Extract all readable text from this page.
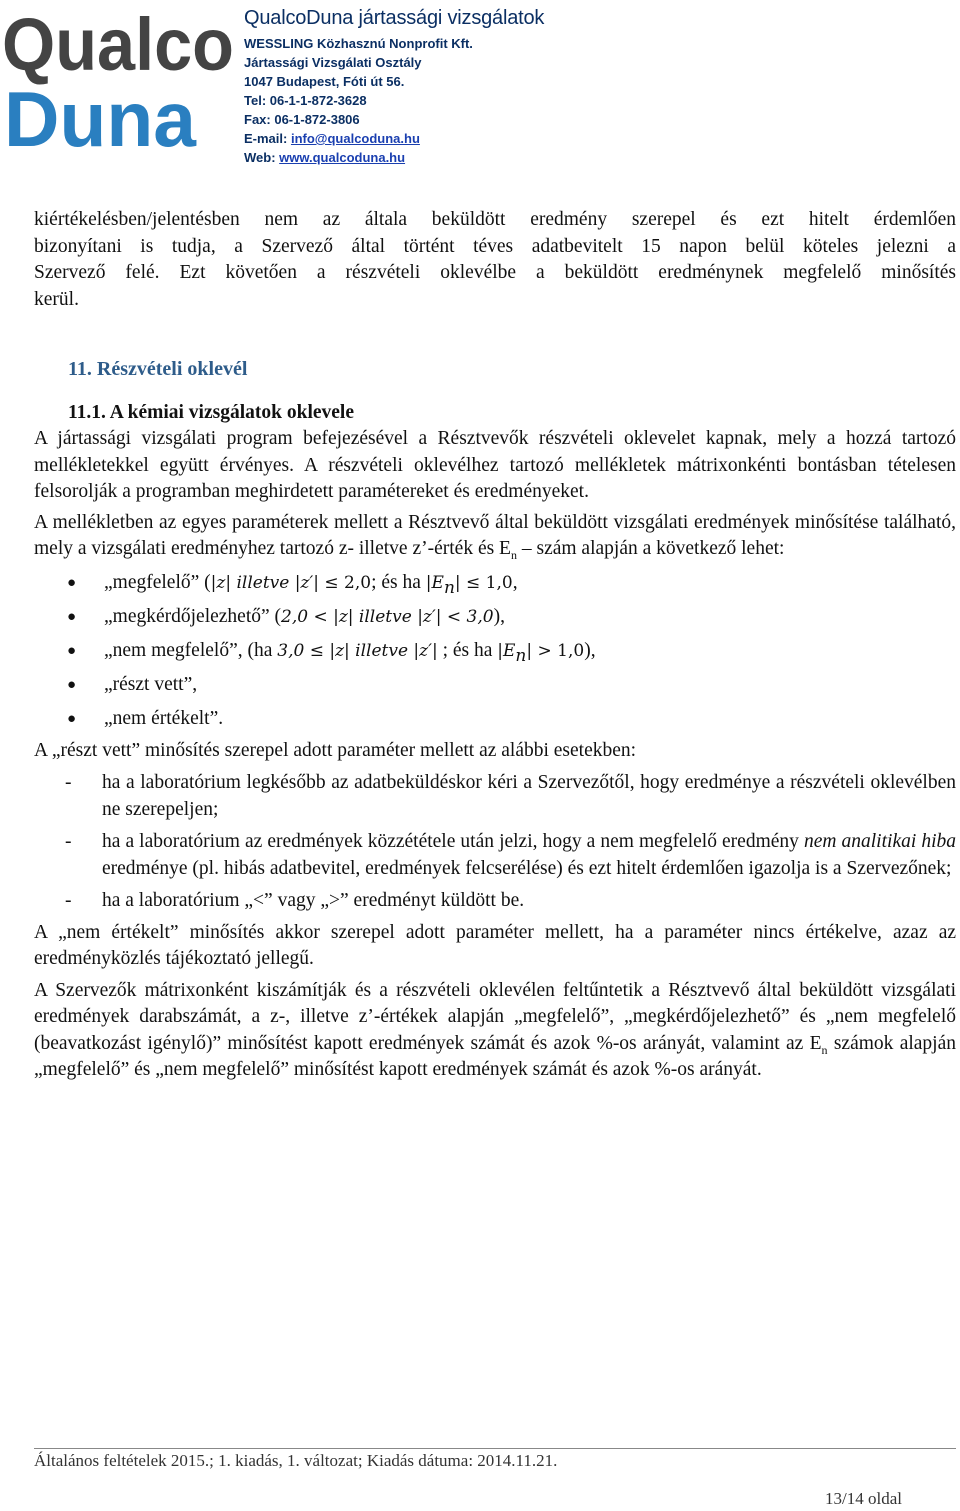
Qualco
Duna
QualcoDuna jártassági vizsgálatok
WESSLING Közhasznú Nonprofit Kft.
Jártassági Vizsgálati Osztály
1047 Budapest, Fóti út 56.
Tel: 06-1-1-872-3628
Fax: 06-1-872-3806
E-mail: info@qualcoduna.hu
Web: www.qualcoduna.hu

kiértékelésben/jelentésben nem az általa beküldött eredmény szerepel és ezt hitelt érdemlően

bizonyítani is tudja, a Szervező által történt téves adatbevitelt 15 napon belül köteles jelezni a

Szervező felé. Ezt követően a részvételi oklevélbe a beküldött eredménynek megfelelő minősítés

kerül.

11. Részvételi oklevél
11.1. A kémiai vizsgálatok oklevele

A jártassági vizsgálati program befejezésével a Résztvevők részvételi oklevelet kapnak, mely a hozzá tartozó mellékletekkel együtt érvényes. A részvételi oklevélhez tartozó mellékletek mátrixonkénti bontásban tételesen felsorolják a programban meghirdetett paramétereket és eredményeket.

A mellékletben az egyes paraméterek mellett a Résztvevő által beküldött vizsgálati eredmények minősítése található, mely a vizsgálati eredményhez tartozó z- illetve z’-érték és $E_n$ – szám alapján a következő lehet:

● „megfelelő” (|z| illetve |z′| ≤ 2,0; és ha $|E_n| \le 1,0$,
● „megkérdőjelezhető” (2,0 < |z| illetve |z′| < 3,0),
● „nem megfelelő”, (ha 3,0 ≤ |z| illetve |z′| ; és ha $|E_n| > 1,0$),
● „részt vett”,
● „nem értékelt”.

A „részt vett” minősítés szerepel adott paraméter mellett az alábbi esetekben:

- ha a laboratórium legkésőbb az adatbeküldéskor kéri a Szervezőtől, hogy eredménye a részvételi oklevélben ne szerepeljen;
- ha a laboratórium az eredmények közzététele után jelzi, hogy a nem megfelelő eredmény nem analitikai hiba eredménye (pl. hibás adatbevitel, eredmények felcserélése) és ezt hitelt érdemlően igazolja is a Szervezőnek;
- ha a laboratórium „<” vagy „>” eredményt küldött be.

A „nem értékelt” minősítés akkor szerepel adott paraméter mellett, ha a paraméter nincs értékelve, azaz az eredményközlés tájékoztató jellegű.

A Szervezők mátrixonként kiszámítják és a részvételi oklevélen feltűntetik a Résztvevő által beküldött vizsgálati eredmények darabszámát, a z-, illetve z’-értékek alapján „megfelelő”, „megkérdőjelezhető” és „nem megfelelő (beavatkozást igénylő)” minősítést kapott eredmények számát és azok %-os arányát, valamint az $E_n$ számok alapján „megfelelő” és „nem megfelelő” minősítést kapott eredmények számát és azok %-os arányát.

Általános feltételek 2015.; 1. kiadás, 1. változat; Kiadás dátuma: 2014.11.21.
13/14 oldal
